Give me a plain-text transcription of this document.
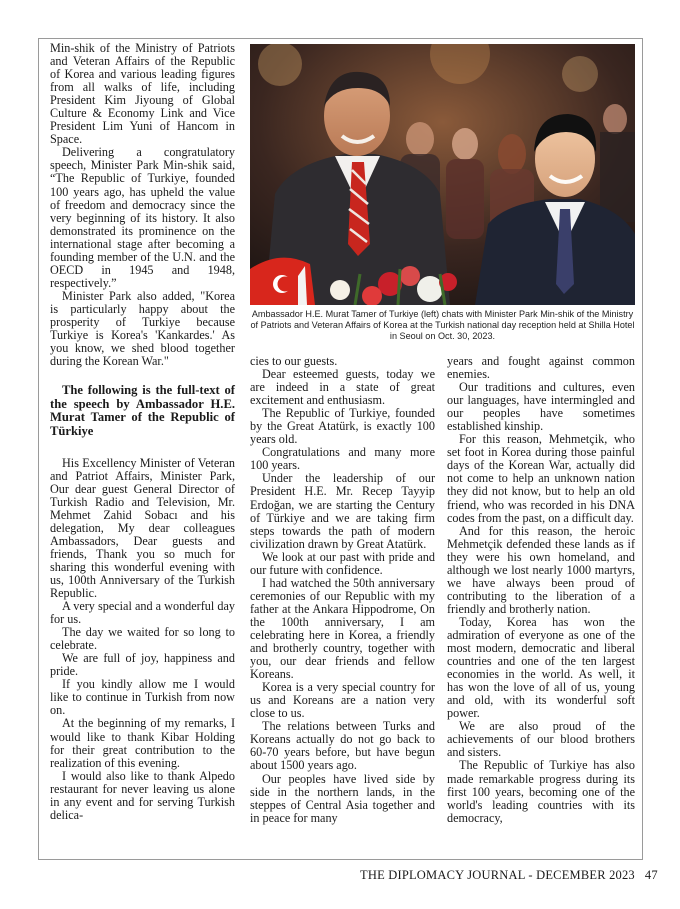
Min-shik of the Ministry of Patriots and Veteran Affairs of the Republic of Korea and various leading figures from all walks of life, including President Kim Jiyoung of Global Culture & Economy Link and Vice President Lim Yuni of Hancom in Space.

Delivering a congratulatory speech, Minister Park Min-shik said, “The Republic of Turkiye, founded 100 years ago, has upheld the value of freedom and democracy since the very beginning of its history. It also demonstrated its prominence on the international stage after becoming a founding member of the U.N. and the OECD in 1945 and 1948, respectively.”

Minister Park also added, "Korea is particularly happy about the prosperity of Turkiye because Turkiye is Korea's 'Kankardes.' As you know, we shed blood together during the Korean War."

The following is the full-text of the speech by Ambassador H.E. Murat Tamer of the Republic of Türkiye

His Excellency Minister of Veteran and Patriot Affairs, Minister Park, Our dear guest General Director of Turkish Radio and Television, Mr. Mehmet Zahid Sobacı and his delegation, My dear colleagues Ambassadors, Dear guests and friends, Thank you so much for sharing this wonderful evening with us, 100th Anniversary of the Turkish Republic.

A very special and a wonderful day for us.

The day we waited for so long to celebrate.

We are full of joy, happiness and pride.

If you kindly allow me I would like to continue in Turkish from now on.

At the beginning of my remarks, I would like to thank Kibar Holding for their great contribution to the realization of this evening.

I would also like to thank Alpedo restaurant for never leaving us alone in any event and for serving Turkish delica-

Ambassador H.E. Murat Tamer of Turkiye (left) chats with Minister Park Min-shik of the Ministry of Patriots and Veteran Affairs of Korea at the Turkish national day reception held at Shilla Hotel in Seoul on Oct. 30, 2023.

cies to our guests.

Dear esteemed guests, today we are indeed in a state of great excitement and enthusiasm.

The Republic of Turkiye, founded by the Great Atatürk, is exactly 100 years old.

Congratulations and many more 100 years.

Under the leadership of our President H.E. Mr. Recep Tayyip Erdoğan, we are starting the Century of Türkiye and we are taking firm steps towards the path of modern civilization drawn by Great Atatürk.

We look at our past with pride and our future with confidence.

I had watched the 50th anniversary ceremonies of our Republic with my father at the Ankara Hippodrome, On the 100th anniversary, I am celebrating here in Korea, a friendly and brotherly country, together with you, our dear friends and fellow Koreans.

Korea is a very special country for us and Koreans are a nation very close to us.

The relations between Turks and Koreans actually do not go back to 60-70 years before, but have begun about 1500 years ago.

Our peoples have lived side by side in the northern lands, in the steppes of Central Asia together and in peace for many

years and fought against common enemies.

Our traditions and cultures, even our languages, have intermingled and our peoples have sometimes established kinship.

For this reason, Mehmetçik, who set foot in Korea during those painful days of the Korean War, actually did not come to help an unknown nation they did not know, but to help an old friend, who was recorded in his DNA codes from the past, on a difficult day.

And for this reason, the heroic Mehmetçik defended these lands as if they were his own homeland, and although we lost nearly 1000 martyrs, we have always been proud of contributing to the liberation of a friendly and brotherly nation.

Today, Korea has won the admiration of everyone as one of the most modern, democratic and liberal countries and one of the ten largest economies in the world. As well, it has won the love of all of us, young and old, with its wonderful soft power.

We are also proud of the achievements of our blood brothers and sisters.

The Republic of Turkiye has also made remarkable progress during its first 100 years, becoming one of the world's leading countries with its democracy,

THE DIPLOMACY JOURNAL - DECEMBER 2023 47
